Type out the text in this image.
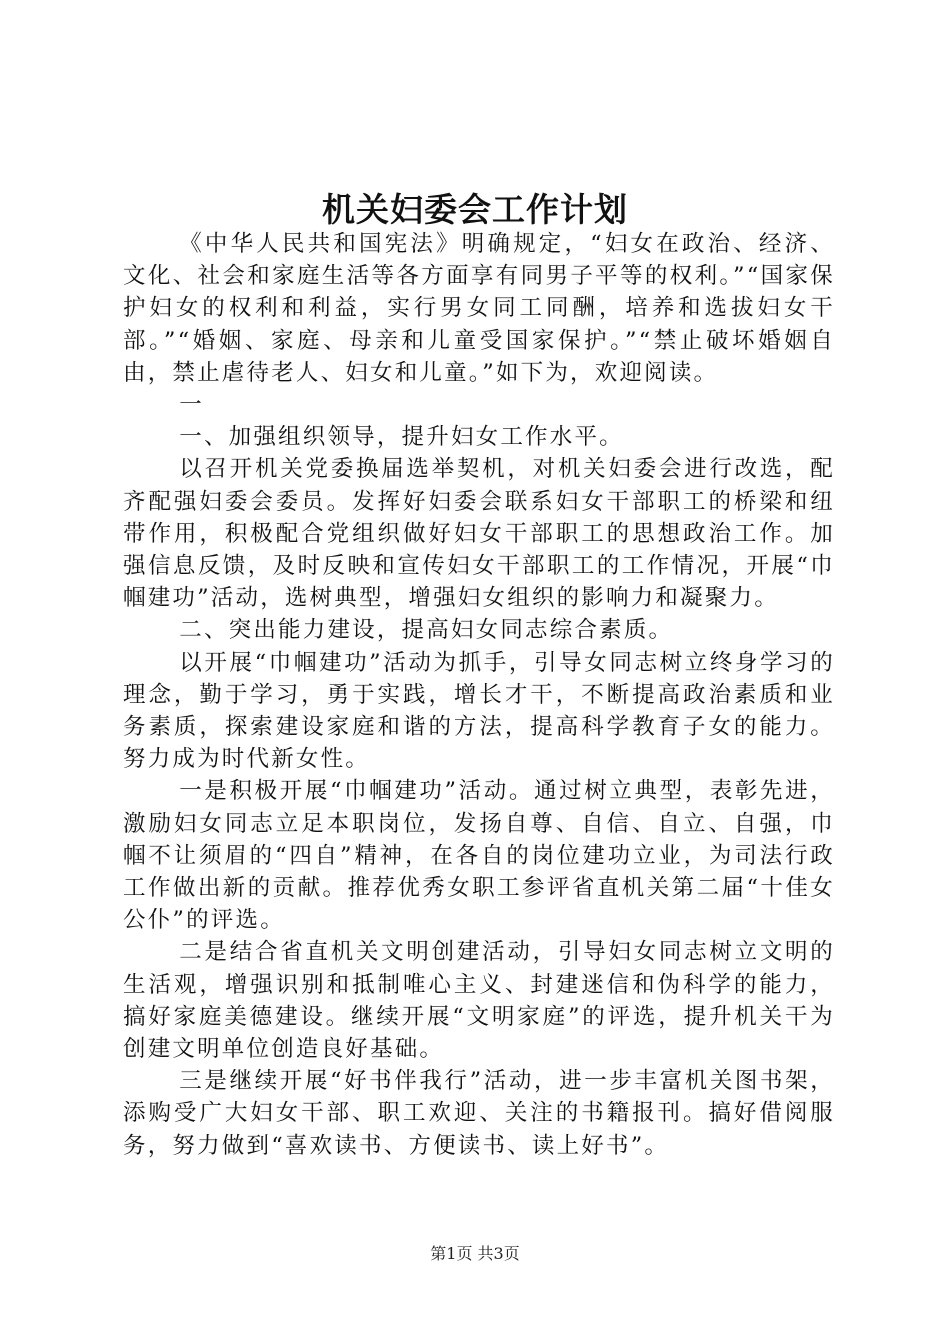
机关妇委会工作计划

《中华人民共和国宪法》明确规定，“妇女在政治、经济、文化、社会和家庭生活等各方面享有同男子平等的权利。”“国家保护妇女的权利和利益，实行男女同工同酬，培养和选拔妇女干部。”“婚姻、家庭、母亲和儿童受国家保护。”“禁止破坏婚姻自由，禁止虐待老人、妇女和儿童。”如下为，欢迎阅读。

一

一、加强组织领导，提升妇女工作水平。

以召开机关党委换届选举契机，对机关妇委会进行改选，配齐配强妇委会委员。发挥好妇委会联系妇女干部职工的桥梁和纽带作用，积极配合党组织做好妇女干部职工的思想政治工作。加强信息反馈，及时反映和宣传妇女干部职工的工作情况，开展“巾帼建功”活动，选树典型，增强妇女组织的影响力和凝聚力。

二、突出能力建设，提高妇女同志综合素质。

以开展“巾帼建功”活动为抓手，引导女同志树立终身学习的理念，勤于学习，勇于实践，增长才干，不断提高政治素质和业务素质，探索建设家庭和谐的方法，提高科学教育子女的能力。努力成为时代新女性。

一是积极开展“巾帼建功”活动。通过树立典型，表彰先进，激励妇女同志立足本职岗位，发扬自尊、自信、自立、自强，巾帼不让须眉的“四自”精神，在各自的岗位建功立业，为司法行政工作做出新的贡献。推荐优秀女职工参评省直机关第二届“十佳女公仆”的评选。

二是结合省直机关文明创建活动，引导妇女同志树立文明的生活观，增强识别和抵制唯心主义、封建迷信和伪科学的能力，搞好家庭美德建设。继续开展“文明家庭”的评选，提升机关干为创建文明单位创造良好基础。

三是继续开展“好书伴我行”活动，进一步丰富机关图书架，添购受广大妇女干部、职工欢迎、关注的书籍报刊。搞好借阅服务，努力做到“喜欢读书、方便读书、读上好书”。

第1页 共3页
